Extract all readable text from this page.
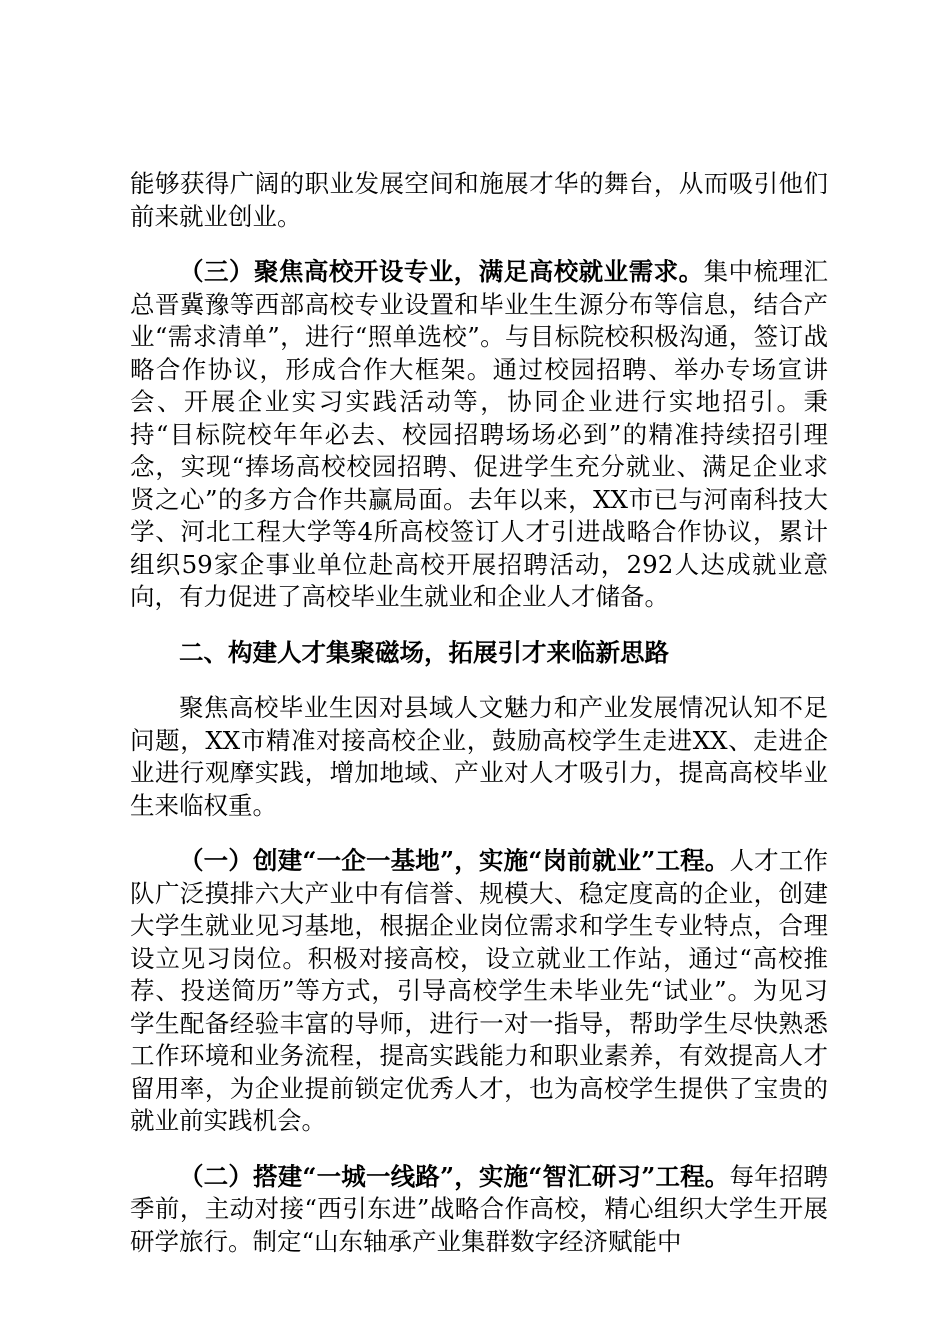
能够获得广阔的职业发展空间和施展才华的舞台，从而吸引他们前来就业创业。

（三）聚焦高校开设专业，满足高校就业需求。集中梳理汇总晋冀豫等西部高校专业设置和毕业生生源分布等信息，结合产业“需求清单”，进行“照单选校”。与目标院校积极沟通，签订战略合作协议，形成合作大框架。通过校园招聘、举办专场宣讲会、开展企业实习实践活动等，协同企业进行实地招引。秉持“目标院校年年必去、校园招聘场场必到”的精准持续招引理念，实现“捧场高校校园招聘、促进学生充分就业、满足企业求贤之心”的多方合作共赢局面。去年以来，XX市已与河南科技大学、河北工程大学等4所高校签订人才引进战略合作协议，累计组织59家企事业单位赴高校开展招聘活动，292人达成就业意向，有力促进了高校毕业生就业和企业人才储备。

二、构建人才集聚磁场，拓展引才来临新思路

聚焦高校毕业生因对县域人文魅力和产业发展情况认知不足问题，XX市精准对接高校企业，鼓励高校学生走进XX、走进企业进行观摩实践，增加地域、产业对人才吸引力，提高高校毕业生来临权重。

（一）创建“一企一基地”，实施“岗前就业”工程。人才工作队广泛摸排六大产业中有信誉、规模大、稳定度高的企业，创建大学生就业见习基地，根据企业岗位需求和学生专业特点，合理设立见习岗位。积极对接高校，设立就业工作站，通过“高校推荐、投送简历”等方式，引导高校学生未毕业先“试业”。为见习学生配备经验丰富的导师，进行一对一指导，帮助学生尽快熟悉工作环境和业务流程，提高实践能力和职业素养，有效提高人才留用率，为企业提前锁定优秀人才，也为高校学生提供了宝贵的就业前实践机会。

（二）搭建“一城一线路”，实施“智汇研习”工程。每年招聘季前，主动对接“西引东进”战略合作高校，精心组织大学生开展研学旅行。制定“山东轴承产业集群数字经济赋能中
